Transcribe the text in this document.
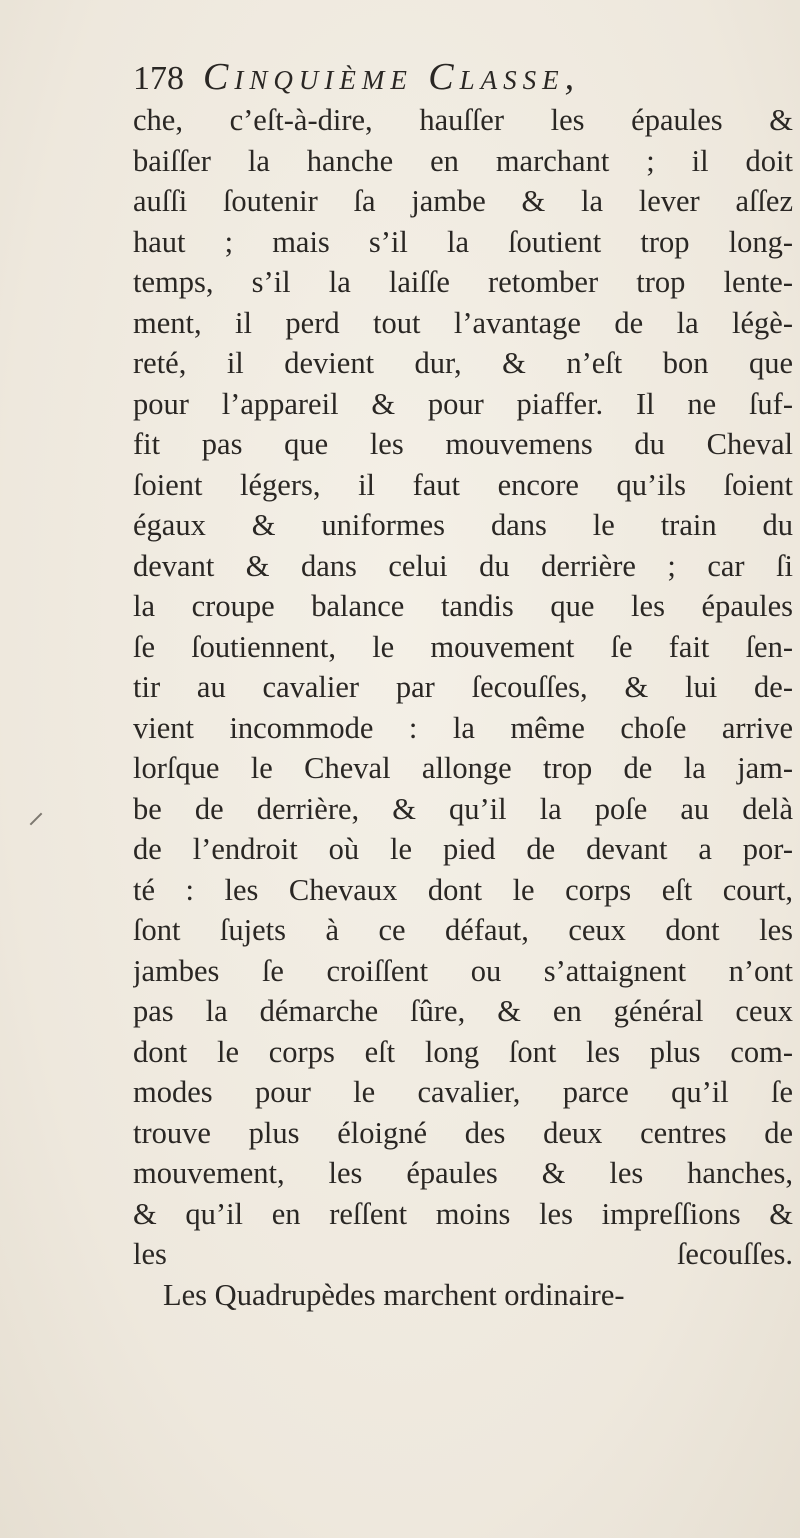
178 Cinquième Classe,
che, c’eſt-à-dire, hauſſer les épaules &
baiſſer la hanche en marchant ; il doit
auſſi ſoutenir ſa jambe & la lever aſſez
haut ; mais s’il la ſoutient trop long-
temps, s’il la laiſſe retomber trop lente-
ment, il perd tout l’avantage de la légè-
reté, il devient dur, & n’eſt bon que
pour l’appareil & pour piaffer. Il ne ſuf-
fit pas que les mouvemens du Cheval
ſoient légers, il faut encore qu’ils ſoient
égaux & uniformes dans le train du
devant & dans celui du derrière ; car ſi
la croupe balance tandis que les épaules
ſe ſoutiennent, le mouvement ſe fait ſen-
tir au cavalier par ſecouſſes, & lui de-
vient incommode : la même choſe arrive
lorſque le Cheval allonge trop de la jam-
be de derrière, & qu’il la poſe au delà
de l’endroit où le pied de devant a por-
té : les Chevaux dont le corps eſt court,
ſont ſujets à ce défaut, ceux dont les
jambes ſe croiſſent ou s’attaignent n’ont
pas la démarche ſûre, & en général ceux
dont le corps eſt long ſont les plus com-
modes pour le cavalier, parce qu’il ſe
trouve plus éloigné des deux centres de
mouvement, les épaules & les hanches,
& qu’il en reſſent moins les impreſſions &
les ſecouſſes.
Les Quadrupèdes marchent ordinaire-
